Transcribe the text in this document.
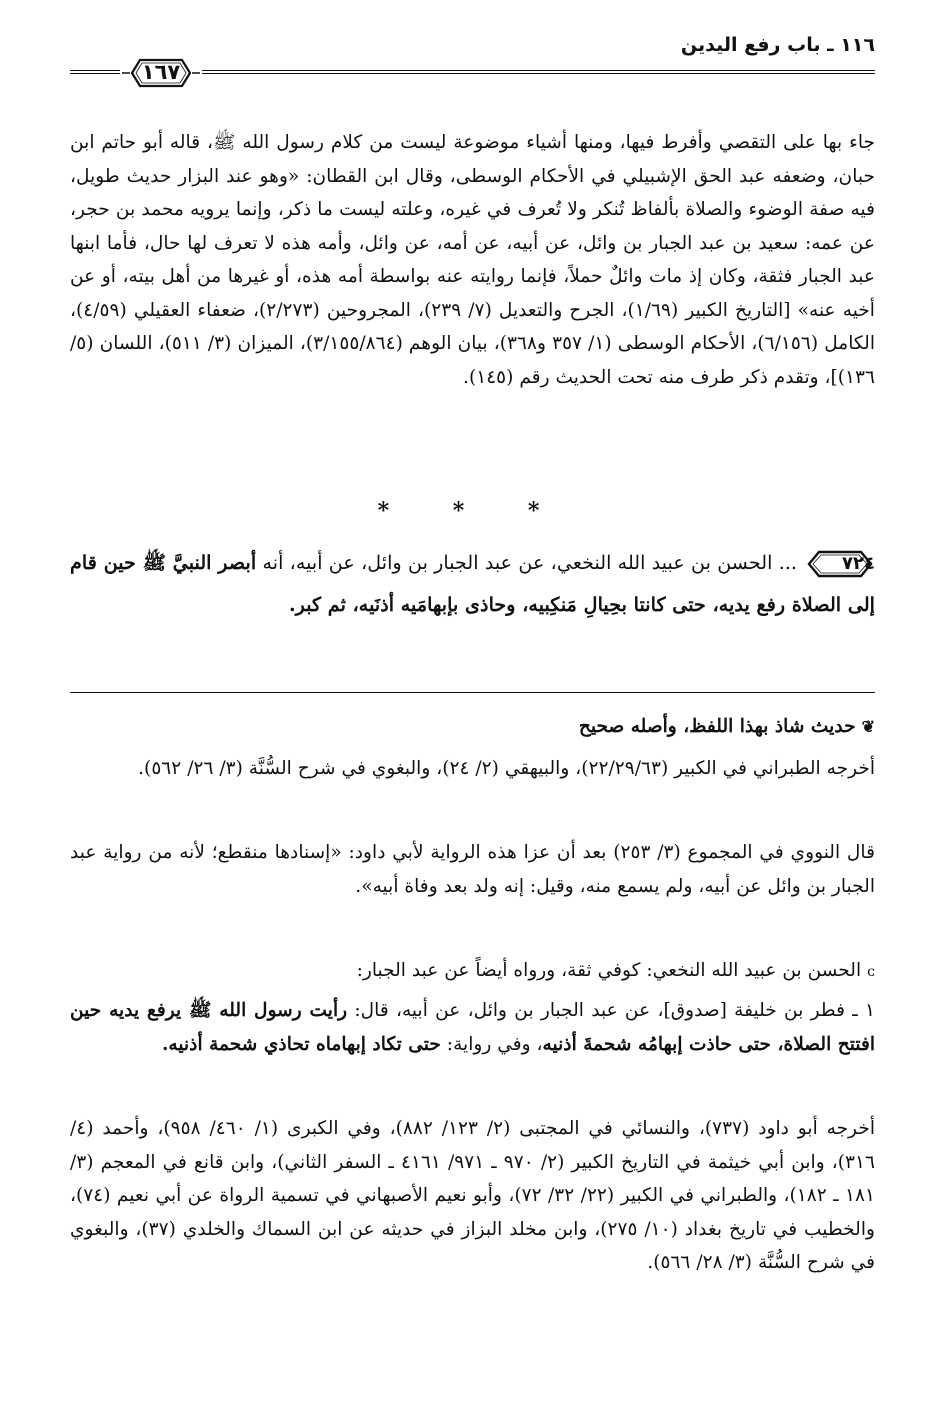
١١٦ ـ باب رفع اليدين
١٦٧

جاء بها على التقصي وأفرط فيها، ومنها أشياء موضوعة ليست من كلام رسول الله ﷺ، قاله أبو حاتم ابن حبان، وضعفه عبد الحق الإشبيلي في الأحكام الوسطى، وقال ابن القطان: «وهو عند البزار حديث طويل، فيه صفة الوضوء والصلاة بألفاظ تُنكر ولا تُعرف في غيره، وعلته ليست ما ذكر، وإنما يرويه محمد بن حجر، عن عمه: سعيد بن عبد الجبار بن وائل، عن أبيه، عن أمه، عن وائل، وأمه هذه لا تعرف لها حال، فأما ابنها عبد الجبار فثقة، وكان إذ مات وائلٌ حملاً، فإنما روايته عنه بواسطة أمه هذه، أو غيرها من أهل بيته، أو عن أخيه عنه» [التاريخ الكبير (١/٦٩)، الجرح والتعديل (٧/ ٢٣٩)، المجروحين (٢/٢٧٣)، ضعفاء العقيلي (٤/٥٩)، الكامل (٦/١٥٦)، الأحكام الوسطى (١/ ٣٥٧ و٣٦٨)، بيان الوهم (٣/١٥٥/٨٦٤)، الميزان (٣/ ٥١١)، اللسان (٥/ ١٣٦)]، وتقدم ذكر طرف منه تحت الحديث رقم (١٤٥).

* * *
٧٢٤
... الحسن بن عبيد الله النخعي، عن عبد الجبار بن وائل، عن أبيه، أنه أبصر النبيَّ ﷺ حين قام إلى الصلاة رفع يديه، حتى كانتا بحِيالِ مَنكِبيه، وحاذى بإبهامَيه أذنَيه، ثم كبر.
❦حديث شاذ بهذا اللفظ، وأصله صحيح

أخرجه الطبراني في الكبير (٢٢/٢٩/٦٣)، والبيهقي (٢/ ٢٤)، والبغوي في شرح السُّنَّة (٣/ ٢٦/ ٥٦٢).

قال النووي في المجموع (٣/ ٢٥٣) بعد أن عزا هذه الرواية لأبي داود: «إسنادها منقطع؛ لأنه من رواية عبد الجبار بن وائل عن أبيه، ولم يسمع منه، وقيل: إنه ولد بعد وفاة أبيه».

ᴄالحسن بن عبيد الله النخعي: كوفي ثقة، ورواه أيضاً عن عبد الجبار:

١ ـ فطر بن خليفة [صدوق]، عن عبد الجبار بن وائل، عن أبيه، قال: رأيت رسول الله ﷺ يرفع يديه حين افتتح الصلاة، حتى حاذت إبهامُه شحمةَ أذنيه، وفي رواية: حتى تكاد إبهاماه تحاذي شحمة أذنيه.

أخرجه أبو داود (٧٣٧)، والنسائي في المجتبى (٢/ ١٢٣/ ٨٨٢)، وفي الكبرى (١/ ٤٦٠/ ٩٥٨)، وأحمد (٤/ ٣١٦)، وابن أبي خيثمة في التاريخ الكبير (٢/ ٩٧٠ ـ ٩٧١/ ٤١٦١ ـ السفر الثاني)، وابن قانع في المعجم (٣/ ١٨١ ـ ١٨٢)، والطبراني في الكبير (٢٢/ ٣٢/ ٧٢)، وأبو نعيم الأصبهاني في تسمية الرواة عن أبي نعيم (٧٤)، والخطيب في تاريخ بغداد (١٠/ ٢٧٥)، وابن مخلد البزاز في حديثه عن ابن السماك والخلدي (٣٧)، والبغوي في شرح السُّنَّة (٣/ ٢٨/ ٥٦٦).
